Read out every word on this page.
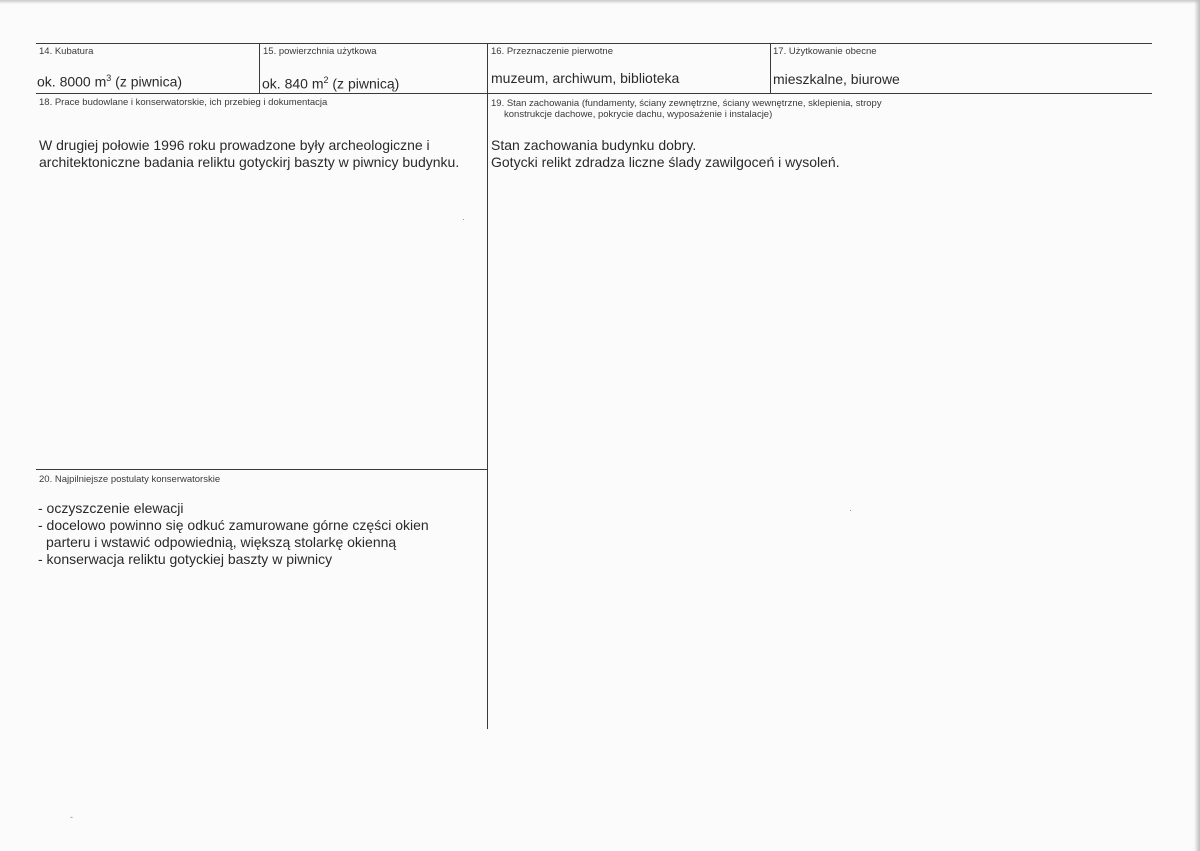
14. Kubatura
ok. 8000 $m^3$ (z piwnica)
15. powierzchnia użytkowa
ok. 840 $m^2$ (z piwnicą)
16. Przeznaczenie pierwotne
muzeum, archiwum, biblioteka
17. Użytkowanie obecne
mieszkalne, biurowe
18. Prace budowlane i konserwatorskie, ich przebieg i dokumentacja
W drugiej połowie 1996 roku prowadzone były archeologiczne i
architektoniczne badania reliktu gotyckirj baszty w piwnicy budynku.
19. Stan zachowania (fundamenty, ściany zewnętrzne, ściany wewnętrzne, sklepienia, stropy
konstrukcje dachowe, pokrycie dachu, wyposażenie i instalacje)
Stan zachowania budynku dobry.
Gotycki relikt zdradza liczne ślady zawilgoceń i wysoleń.
20. Najpilniejsze postulaty konserwatorskie
- oczyszczenie elewacji
- docelowo powinno się odkuć zamurowane górne części okien
parteru i wstawić odpowiednią, większą stolarkę okienną
- konserwacja reliktu gotyckiej baszty w piwnicy
-
·
·
